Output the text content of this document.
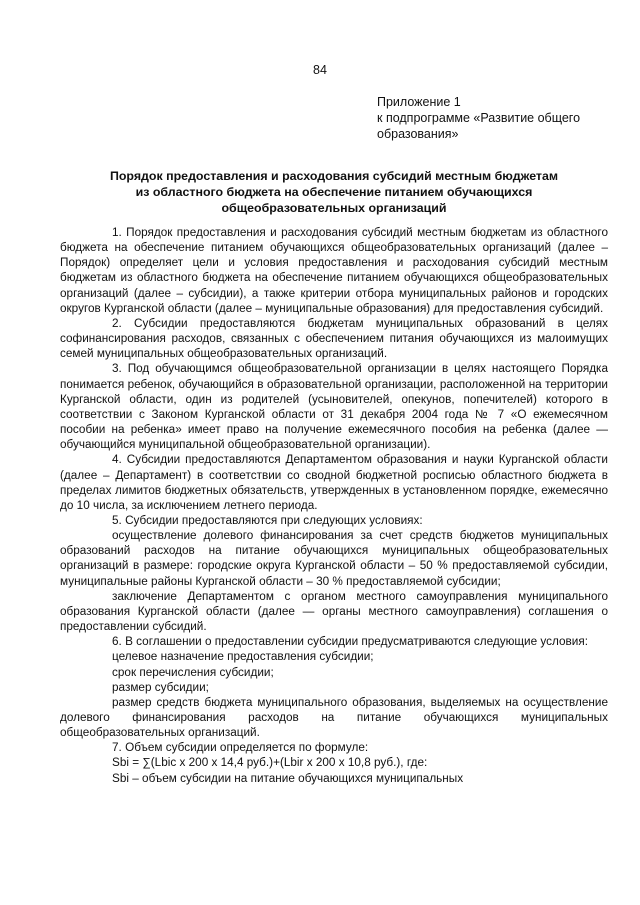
84
Приложение 1
к подпрограмме «Развитие общего
образования»
Порядок предоставления и расходования субсидий местным бюджетам
из областного бюджета на обеспечение питанием обучающихся
общеобразовательных организаций

1. Порядок предоставления и расходования субсидий местным бюджетам из областного бюджета на обеспечение питанием обучающихся общеобразовательных организаций (далее – Порядок) определяет цели и условия предоставления и расходования субсидий местным бюджетам из областного бюджета на обеспечение питанием обучающихся общеобразовательных организаций (далее – субсидии), а также критерии отбора муниципальных районов и городских округов Курганской области (далее – муниципальные образования) для предоставления субсидий.

2. Субсидии предоставляются бюджетам муниципальных образований в целях софинансирования расходов, связанных с обеспечением питания обучающихся из малоимущих семей муниципальных общеобразовательных организаций.

3. Под обучающимся общеобразовательной организации в целях настоящего Порядка понимается ребенок, обучающийся в образовательной организации, расположенной на территории Курганской области, один из родителей (усыновителей, опекунов, попечителей) которого в соответствии с Законом Курганской области от 31 декабря 2004 года № 7 «О ежемесячном пособии на ребенка» имеет право на получение ежемесячного пособия на ребенка (далее — обучающийся муниципальной общеобразовательной организации).

4. Субсидии предоставляются Департаментом образования и науки Курганской области (далее – Департамент) в соответствии со сводной бюджетной росписью областного бюджета в пределах лимитов бюджетных обязательств, утвержденных в установленном порядке, ежемесячно до 10 числа, за исключением летнего периода.

5. Субсидии предоставляются при следующих условиях:

осуществление долевого финансирования за счет средств бюджетов муниципальных образований расходов на питание обучающихся муниципальных общеобразовательных организаций в размере: городские округа Курганской области – 50 % предоставляемой субсидии, муниципальные районы Курганской области – 30 % предоставляемой субсидии;

заключение Департаментом с органом местного самоуправления муниципального образования Курганской области (далее — органы местного самоуправления) соглашения о предоставлении субсидий.

6. В соглашении о предоставлении субсидии предусматриваются следующие условия:

целевое назначение предоставления субсидии;

срок перечисления субсидии;

размер субсидии;

размер средств бюджета муниципального образования, выделяемых на осуществление долевого финансирования расходов на питание обучающихся муниципальных общеобразовательных организаций.

7. Объем субсидии определяется по формуле:

Sbi = ∑(Lbic x 200 x 14,4 руб.)+(Lbir x 200 x 10,8 руб.), где:

Sbi – объем субсидии на питание обучающихся муниципальных
